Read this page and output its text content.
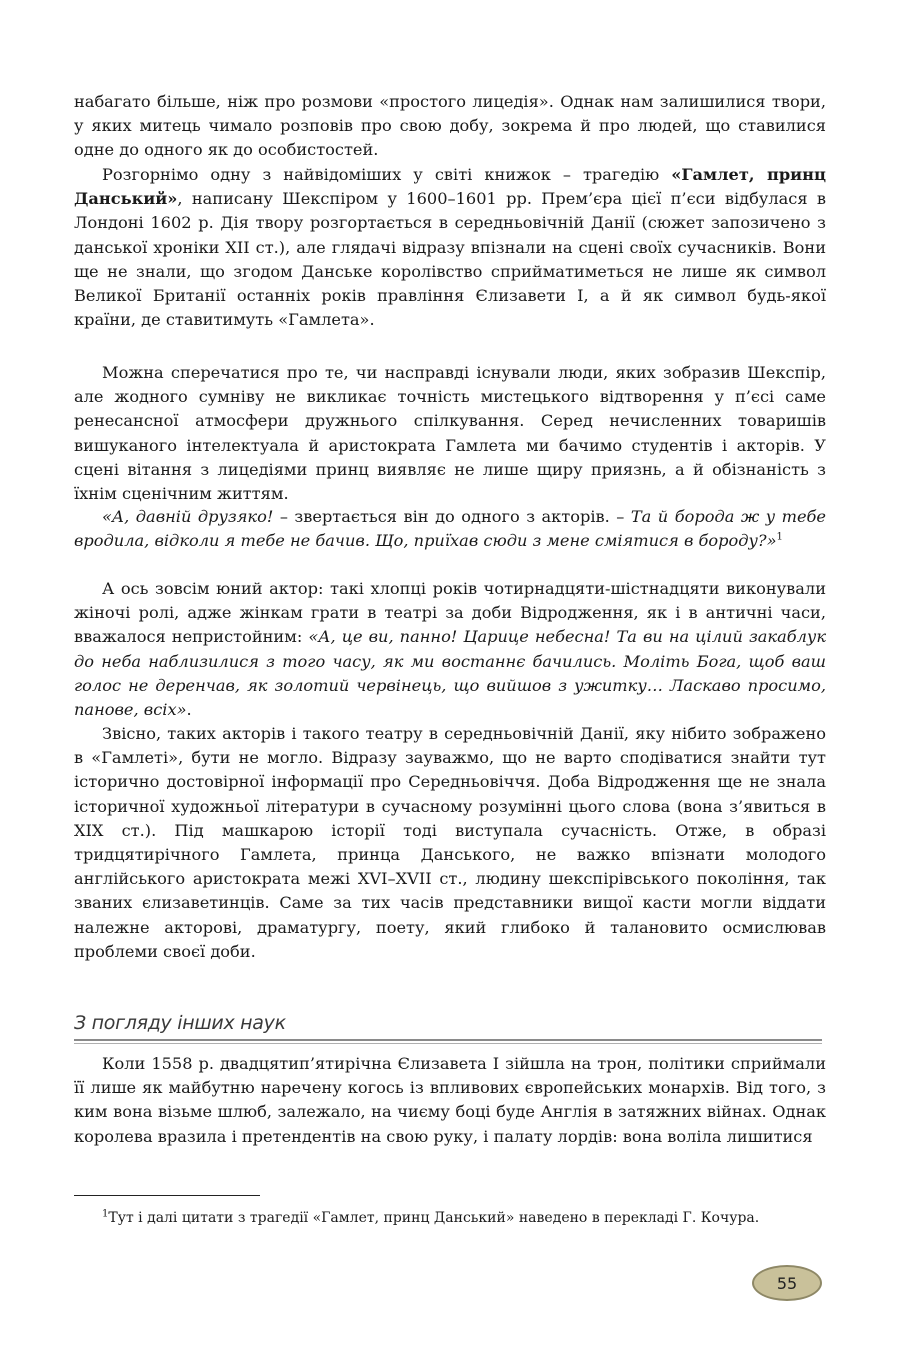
набагато більше, ніж про розмови «простого лицедія». Однак нам залишилися твори, у яких митець чимало розповів про свою добу, зокрема й про людей, що ставилися одне до одного як до особистостей.

Розгорнімо одну з найвідоміших у світі книжок – трагедію «Гамлет, принц Данський», написану Шекспіром у 1600–1601 рр. Прем’єра цієї п’єси відбулася в Лондоні 1602 р. Дія твору розгортається в середньовічній Данії (сюжет запозичено з данської хроніки XII ст.), але глядачі відразу впізнали на сцені своїх сучасників. Вони ще не знали, що згодом Данське королівство сприйматиметься не лише як символ Великої Британії останніх років правління Єлизавети І, а й як символ будь-якої країни, де ставитимуть «Гамлета».

Можна сперечатися про те, чи насправді існували люди, яких зобразив Шекспір, але жодного сумніву не викликає точність мистецького відтворення у п’єсі саме ренесансної атмосфери дружнього спілкування. Серед нечисленних товаришів вишуканого інтелектуала й аристократа Гамлета ми бачимо студентів і акторів. У сцені вітання з лицедіями принц виявляє не лише щиру приязнь, а й обізнаність з їхнім сценічним життям.

«А, давній друзяко! – звертається він до одного з акторів. – Та й борода ж у тебе вродила, відколи я тебе не бачив. Що, приїхав сюди з мене сміятися в бороду?»$^1$

А ось зовсім юний актор: такі хлопці років чотирнадцяти-шістнадцяти виконували жіночі ролі, адже жінкам грати в театрі за доби Відродження, як і в античні часи, вважалося непристойним: «А, це ви, панно! Царице небесна! Та ви на цілий закаблук до неба наблизилися з того часу, як ми востаннє бачились. Моліть Бога, щоб ваш голос не деренчав, як золотий червінець, що вийшов з ужитку… Ласкаво просимо, панове, всіх».

Звісно, таких акторів і такого театру в середньовічній Данії, яку нібито зображено в «Гамлеті», бути не могло. Відразу зауважмо, що не варто сподіватися знайти тут історично достовірної інформації про Середньовіччя. Доба Відродження ще не знала історичної художньої літератури в сучасному розумінні цього слова (вона з’явиться в ХІХ ст.). Під машкарою історії тоді виступала сучасність. Отже, в образі тридцятирічного Гамлета, принца Данського, не важко впізнати молодого англійського аристократа межі XVI–XVII ст., людину шекспірівського покоління, так званих єлизаветинців. Саме за тих часів представники вищої касти могли віддати належне акторові, драматургу, поету, який глибоко й талановито осмислював проблеми своєї доби.

З погляду інших наук

Коли 1558 р. двадцятип’ятирічна Єлизавета І зійшла на трон, політики сприймали її лише як майбутню наречену когось із впливових європейських монархів. Від того, з ким вона візьме шлюб, залежало, на чиєму боці буде Англія в затяжних війнах. Однак королева вразила і претендентів на свою руку, і палату лордів: вона воліла лишитися

$^1$Тут і далі цитати з трагедії «Гамлет, принц Данський» наведено в перекладі Г. Кочура.

55
